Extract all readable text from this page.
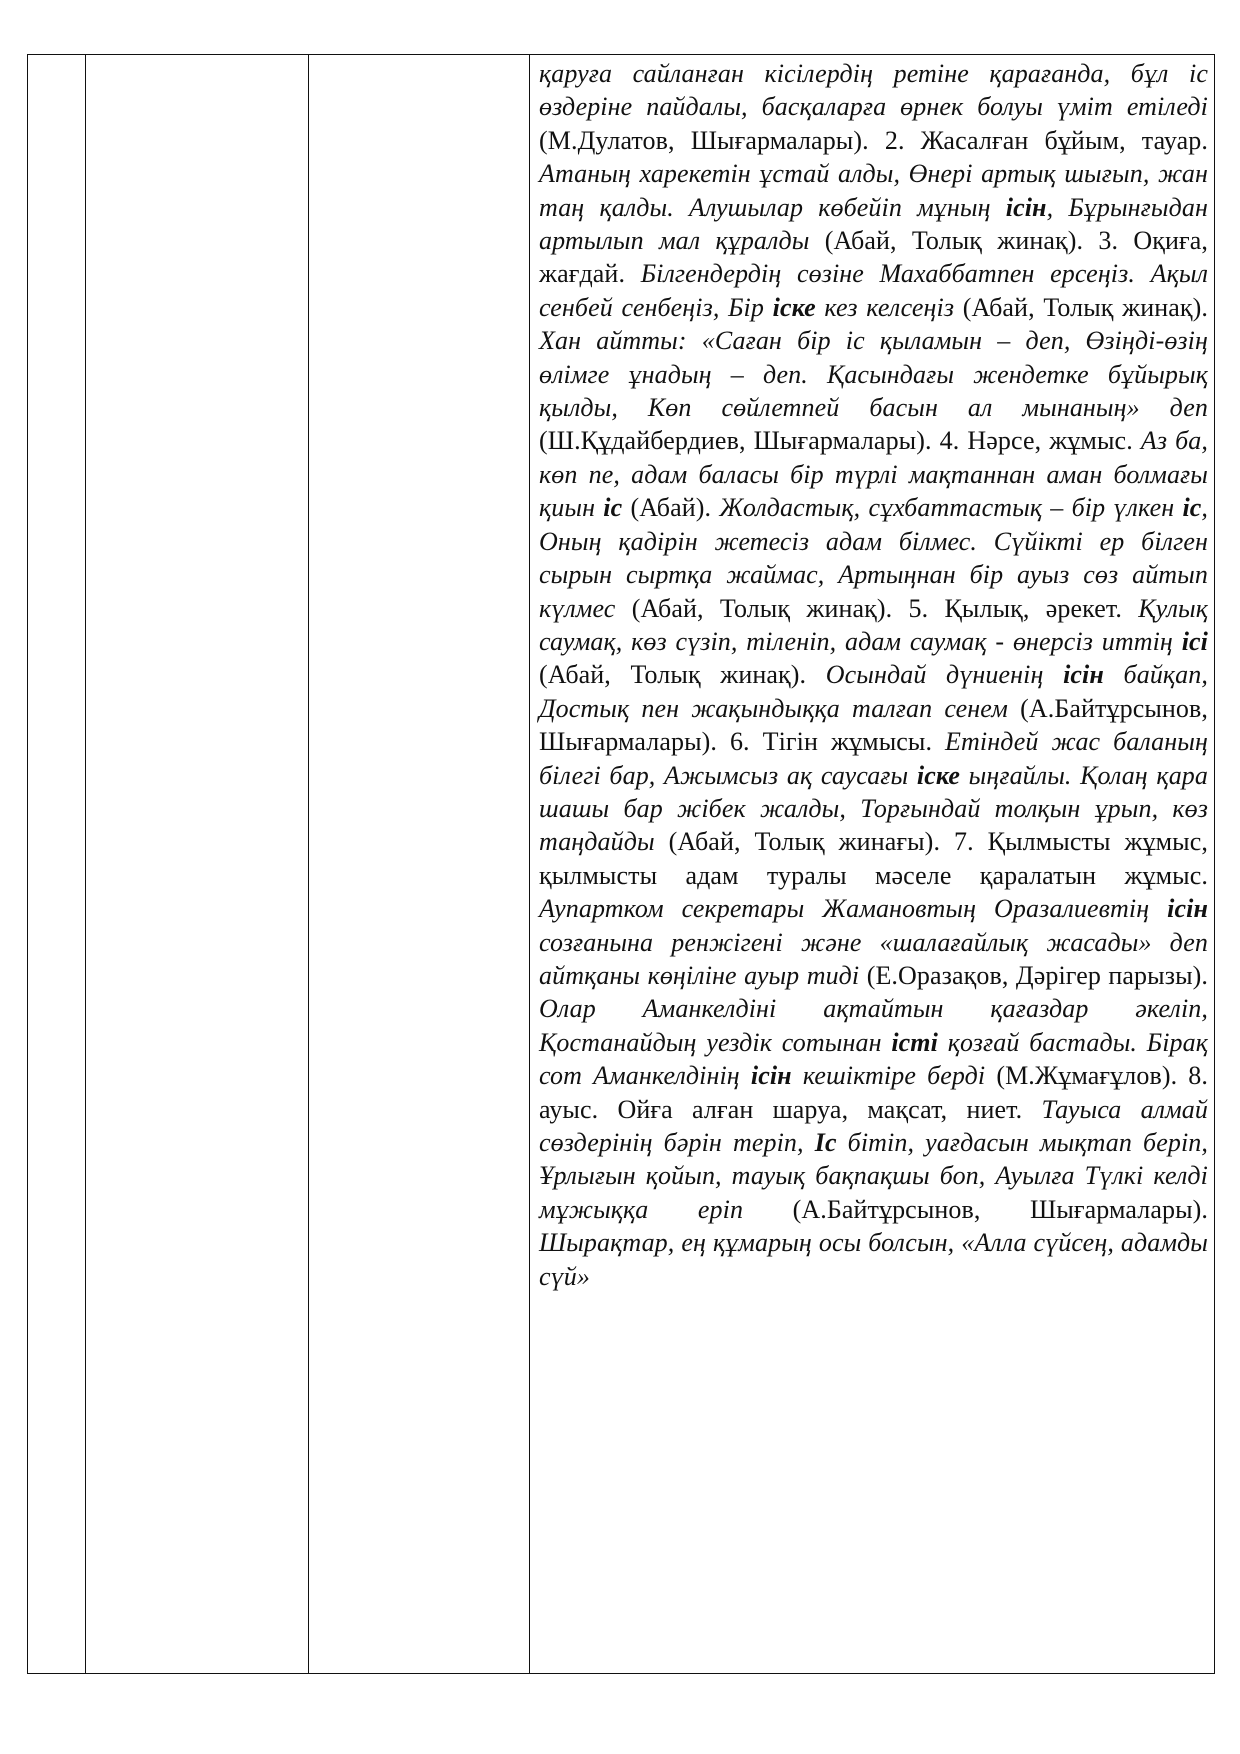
қаруға сайланған кісілердің ретіне қарағанда, бұл іс өздеріне пайдалы, басқаларға өрнек болуы үміт етіледі (М.Дулатов, Шығармалары). 2. Жасалған бұйым, тауар. Атаның харекетін ұстай алды, Өнері артық шығып, жан таң қалды. Алушылар көбейіп мұның ісін, Бұрынғыдан артылып мал құралды (Абай, Толық жинақ). 3. Оқиға, жағдай. Білгендердің сөзіне Махаббатпен ерсеңіз. Ақыл сенбей сенбеңіз, Бір іске кез келсеңіз (Абай, Толық жинақ). Хан айтты: «Саған бір іс қыламын – деп, Өзіңді-өзің өлімге ұнадың – деп. Қасындағы жендетке бұйырық қылды, Көп сөйлетпей басын ал мынаның» деп (Ш.Құдайбердиев, Шығармалары). 4. Нәрсе, жұмыс. Аз ба, көп пе, адам баласы бір түрлі мақтаннан аман болмағы қиын іс (Абай). Жолдастық, сұхбаттастық – бір үлкен іс, Оның қадірін жетесіз адам білмес. Сүйікті ер білген сырын сыртқа жаймас, Артыңнан бір ауыз сөз айтып күлмес (Абай, Толық жинақ). 5. Қылық, әрекет. Қулық саумақ, көз сүзіп, тіленіп, адам саумақ - өнерсіз иттің ісі (Абай, Толық жинақ). Осындай дүниенің ісін байқап, Достық пен жақындыққа талғап сенем (А.Байтұрсынов, Шығармалары). 6. Тігін жұмысы. Етіндей жас баланың білегі бар, Ажымсыз ақ саусағы іске ыңғайлы. Қолаң қара шашы бар жібек жалды, Торғындай толқын ұрып, көз таңдайды (Абай, Толық жинағы). 7. Қылмысты жұмыс, қылмысты адам туралы мәселе қаралатын жұмыс. Аупартком секретары Жамановтың Оразалиевтің ісін созғанына ренжігені және «шалағайлық жасады» деп айтқаны көңіліне ауыр тиді (Е.Оразақов, Дәрігер парызы). Олар Аманкелдіні ақтайтын қағаздар әкеліп, Қостанайдың уездік сотынан істі қозғай бастады. Бірақ сот Аманкелдінің ісін кешіктіре берді (М.Жұмағұлов). 8. ауыс. Ойға алған шаруа, мақсат, ниет. Тауыса алмай сөздерінің бәрін теріп, Іс бітіп, уағдасын мықтап беріп, Ұрлығын қойып, тауық бақпақшы боп, Ауылға Түлкі келді мұжыққа еріп (А.Байтұрсынов, Шығармалары). Шырақтар, ең құмарың осы болсын, «Алла сүйсең, адамды сүй»
